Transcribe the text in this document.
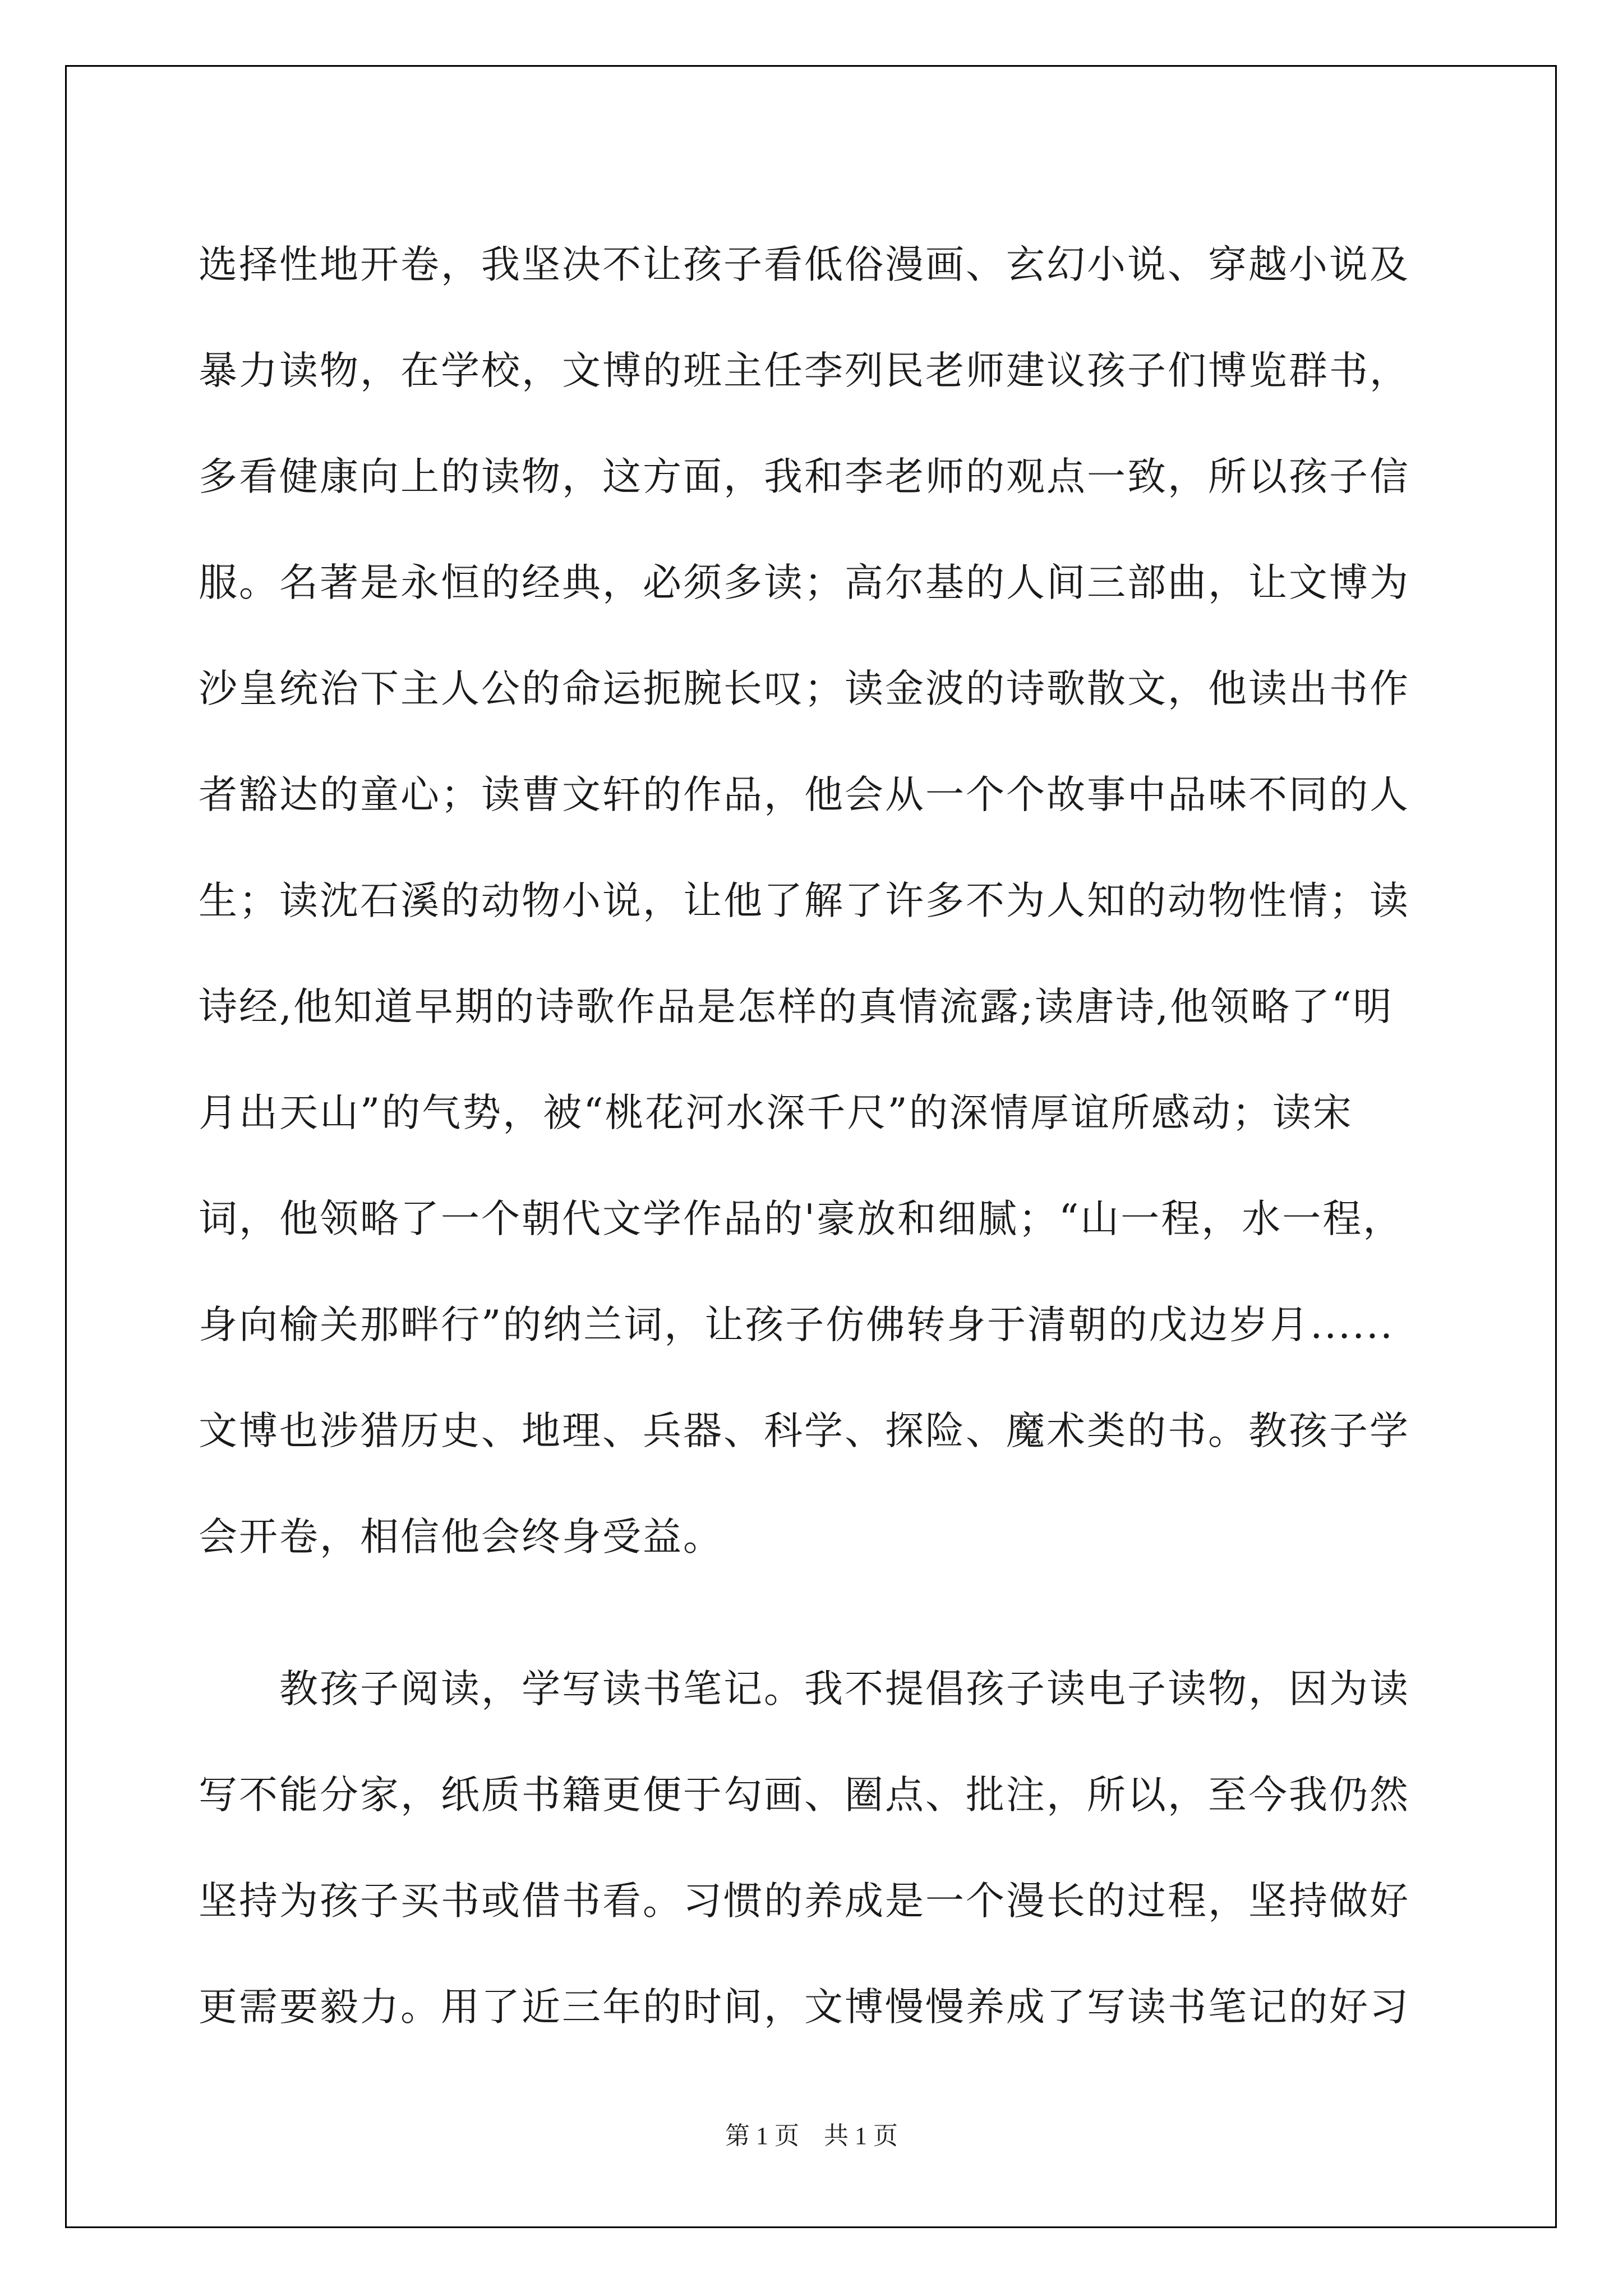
选择性地开卷，我坚决不让孩子看低俗漫画、玄幻小说、穿越小说及
暴力读物，在学校，文博的班主任李列民老师建议孩子们博览群书，
多看健康向上的读物，这方面，我和李老师的观点一致，所以孩子信
服。名著是永恒的经典，必须多读；高尔基的人间三部曲，让文博为
沙皇统治下主人公的命运扼腕长叹；读金波的诗歌散文，他读出书作
者豁达的童心；读曹文轩的作品，他会从一个个故事中品味不同的人
生；读沈石溪的动物小说，让他了解了许多不为人知的动物性情；读
诗经,他知道早期的诗歌作品是怎样的真情流露;读唐诗,他领略了“明
月出天山”的气势，被“桃花河水深千尺”的深情厚谊所感动；读宋
词，他领略了一个朝代文学作品的'豪放和细腻；“山一程，水一程，
身向榆关那畔行”的纳兰词，让孩子仿佛转身于清朝的戊边岁月......
文博也涉猎历史、地理、兵器、科学、探险、魔术类的书。教孩子学
会开卷，相信他会终身受益。
　　教孩子阅读，学写读书笔记。我不提倡孩子读电子读物，因为读
写不能分家，纸质书籍更便于勾画、圈点、批注，所以，至今我仍然
坚持为孩子买书或借书看。习惯的养成是一个漫长的过程，坚持做好
更需要毅力。用了近三年的时间，文博慢慢养成了写读书笔记的好习
第 1 页    共 1 页
